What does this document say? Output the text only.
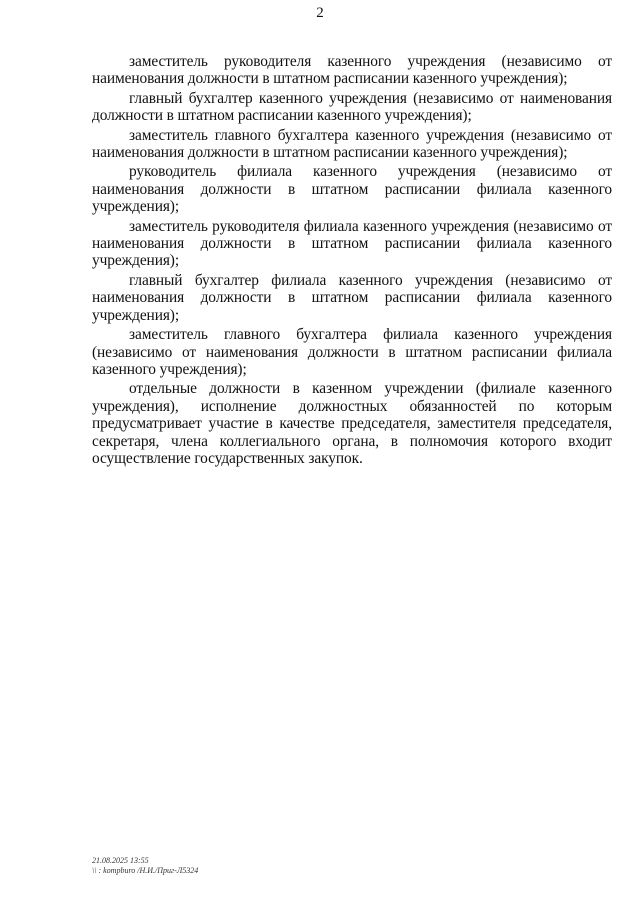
2

заместитель руководителя казенного учреждения (независимо от наименования должности в штатном расписании казенного учреждения);

главный бухгалтер казенного учреждения (независимо от наименования должности в штатном расписании казенного учреждения);

заместитель главного бухгалтера казенного учреждения (независимо от наименования должности в штатном расписании казенного учреждения);

руководитель филиала казенного учреждения (независимо от наименования должности в штатном расписании филиала казенного учреждения);

заместитель руководителя филиала казенного учреждения (независимо от наименования должности в штатном расписании филиала казенного учреждения);

главный бухгалтер филиала казенного учреждения (независимо от наименования должности в штатном расписании филиала казенного учреждения);

заместитель главного бухгалтера филиала казенного учреждения (независимо от наименования должности в штатном расписании филиала казенного учреждения);

отдельные должности в казенном учреждении (филиале казенного учреждения), исполнение должностных обязанностей по которым предусматривает участие в качестве председателя, заместителя председателя, секретаря, члена коллегиального органа, в полномочия которого входит осуществление государственных закупок.

21.08.2025 13:55
\\ : kompburo /Н.И./Приг-Л5324
